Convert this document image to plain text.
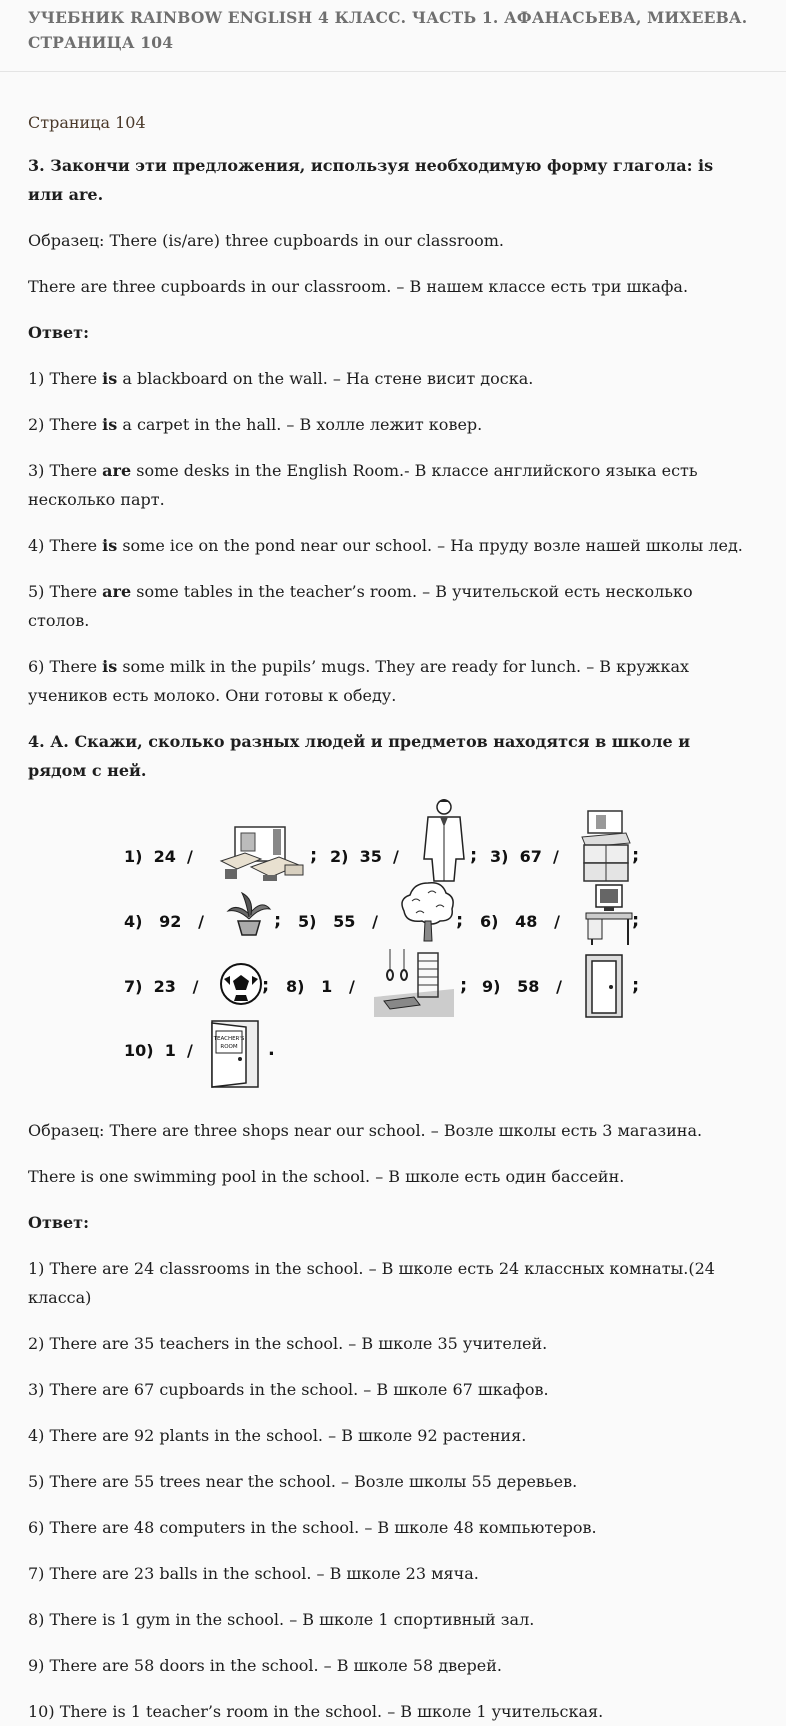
УЧЕБНИК RAINBOW ENGLISH 4 КЛАСС. ЧАСТЬ 1. АФАНАСЬЕВА, МИХЕЕВА.
СТРАНИЦА 104

Страница 104

3. Закончи эти предложения, используя необходимую форму глагола: is
или are.

Образец: There (is/are) three cupboards in our classroom.

There are three cupboards in our classroom. – В нашем классе есть три шкафа.

Ответ:

1) There is a blackboard on the wall. – На стене висит доска.

2) There is a carpet in the hall. – В холле лежит ковер.

3) There are some desks in the English Room.- В классе английского языка есть
несколько парт.

4) There is some ice on the pond near our school. – На пруду возле нашей школы лед.

5) There are some tables in the teacher’s room. – В учительской есть несколько столов.

6) There is some milk in the pupils’ mugs. They are ready for lunch. – В кружках
учеников есть молоко. Они готовы к обеду.

4. А. Скажи, сколько разных людей и предметов находятся в школе и
рядом с ней.

1)  24  /	; 2)  35  /	; 3)  67  /	;
4)   92   /	; 5)   55   /	; 6)   48   /	;
7)  23   /	; 8)   1   /	; 9)   58   /	;
10)  1  /
TEACHER'S
ROOM .

Образец: There are three shops near our school. – Возле школы есть 3 магазина.

There is one swimming pool in the school. – В школе есть один бассейн.

Ответ:

1) There are 24 classrooms in the school. – В школе есть 24 классных комнаты.(24
класса)

2) There are 35 teachers in the school. – В школе 35 учителей.

3) There are 67 cupboards in the school. – В школе 67 шкафов.

4) There are 92 plants in the school. – В школе 92 растения.

5) There are 55 trees near the school. – Возле школы 55 деревьев.

6) There are 48 computers in the school. – В школе 48 компьютеров.

7) There are 23 balls in the school. – В школе 23 мяча.

8) There is 1 gym in the school. – В школе 1 спортивный зал.

9) There are 58 doors in the school. – В школе 58 дверей.

10) There is 1 teacher’s room in the school. – В школе 1 учительская.
